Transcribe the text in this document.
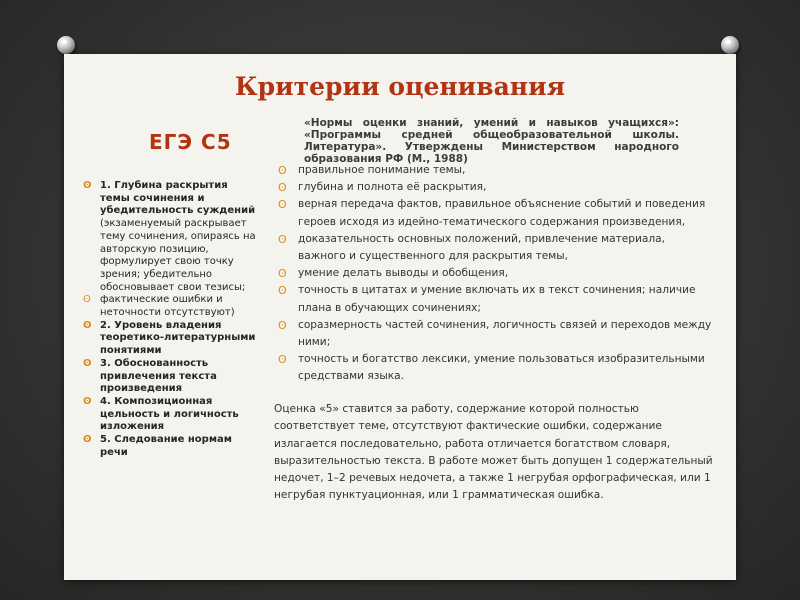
Критерии оценивания
ЕГЭ С5

«Нормы оценки знаний, умений и навыков учащихся»: «Программы средней общеобразовательной школы. Литература». Утверждены Министерством народного образования РФ (М., 1988)

ʘ 1. Глубина раскрытия темы сочинения и убедительность суждений (экзаменуемый раскрывает тему сочинения, опираясь на авторскую позицию, формулирует свою точку зрения; убедительно обосновывает свои тезисы;
ʘ фактические ошибки и неточности отсутствуют)
ʘ 2. Уровень владения теоретико-литературными понятиями
ʘ 3. Обоснованность привлечения текста произведения
ʘ 4. Композиционная цельность и логичность изложения
ʘ 5. Следование нормам речи
ʘ правильное понимание темы,
ʘ глубина и полнота её раскрытия,
ʘ верная передача фактов, правильное объяснение событий и поведения героев исходя из идейно-тематического содержания произведения,
ʘ доказательность основных положений, привлечение материала, важного и существенного для раскрытия темы,
ʘ умение делать выводы и обобщения,
ʘ точность в цитатах и умение включать их в текст сочинения; наличие плана в обучающих сочинениях;
ʘ соразмерность частей сочинения, логичность связей и переходов между ними;
ʘ точность и богатство лексики, умение пользоваться изобразительными средствами языка.

Оценка «5» ставится за работу, содержание которой полностью соответствует теме, отсутствуют фактические ошибки, содержание излагается последовательно, работа отличается богатством словаря, выразительностью текста. В работе может быть допущен 1 содержательный недочет, 1–2 речевых недочета, а также 1 негрубая орфографическая, или 1 негрубая пунктуационная, или 1 грамматическая ошибка.
